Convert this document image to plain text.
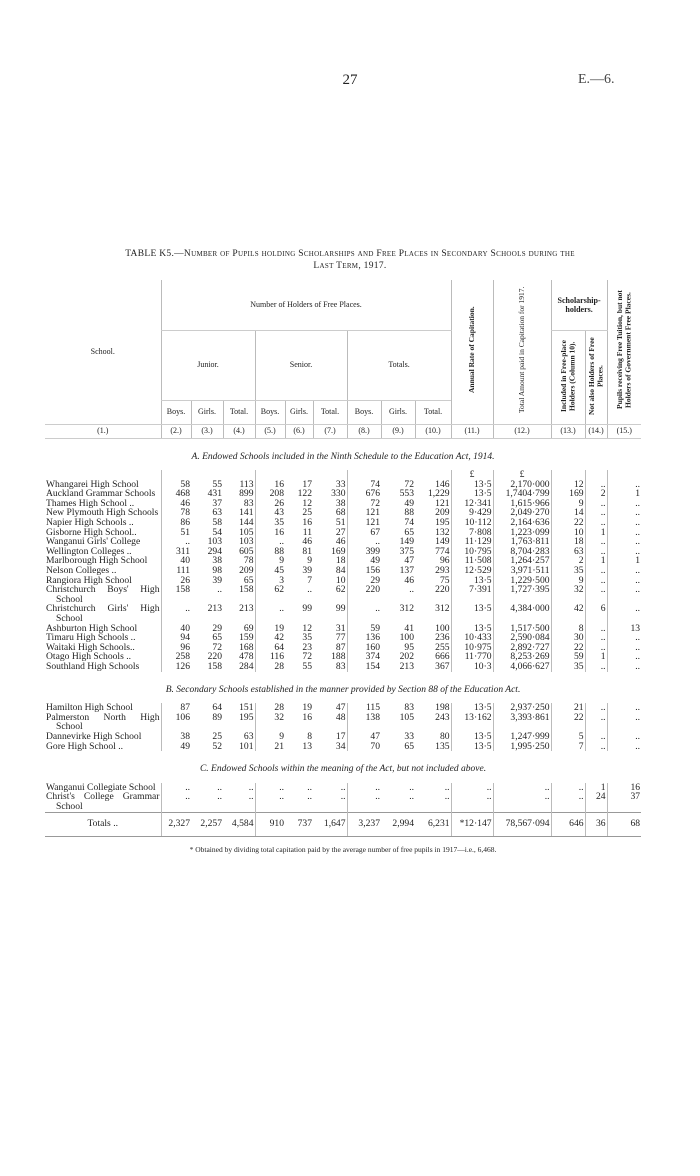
27	E.—6.
TABLE K5.—Number of Pupils holding Scholarships and Free Places in Secondary Schools during the
Last Term, 1917.
School.	Number of Holders of Free Places.									Annual Rate of Capitation.	Total Amount paid in Capitation for 1917.	Scholarship-holders.		Pupils receiving Free Tuition, but not Holders of Government Free Places.
	Junior.			Senior.			Totals.					Included in Free-place Holders (Column 10).	Not also Holders of Free Places.	
	Boys.	Girls.	Total.	Boys.	Girls.	Total.	Boys.	Girls.	Total.					
(1.)	(2.)	(3.)	(4.)	(5.)	(6.)	(7.)	(8.)	(9.)	(10.)	(11.)	(12.)	(13.)	(14.)	(15.)
A. Endowed Schools included in the Ninth Schedule to the Education Act, 1914.														
										£	£			
Whangarei High School	58	55	113	16	17	33	74	72	146	13·5	2,170·000	12	..	..
Auckland Grammar Schools	468	431	899	208	122	330	676	553	1,229	13·5	1,7404·799	169	2	1
Thames High School ..	46	37	83	26	12	38	72	49	121	12·341	1,615·966	9	..	..
New Plymouth High Schools	78	63	141	43	25	68	121	88	209	9·429	2,049·270	14	..	..
Napier High Schools ..	86	58	144	35	16	51	121	74	195	10·112	2,164·636	22	..	..
Gisborne High School..	51	54	105	16	11	27	67	65	132	7·808	1,223·099	10	1	..
Wanganui Girls' College	..	103	103	..	46	46	..	149	149	11·129	1,763·811	18	..	..
Wellington Colleges ..	311	294	605	88	81	169	399	375	774	10·795	8,704·283	63	..	..
Marlborough High School	40	38	78	9	9	18	49	47	96	11·508	1,264·257	2	1	1
Nelson Colleges ..	111	98	209	45	39	84	156	137	293	12·529	3,971·511	35	..	..
Rangiora High School	26	39	65	3	7	10	29	46	75	13·5	1,229·500	9	..	..
Christchurch Boys' High School	158	..	158	62	..	62	220	..	220	7·391	1,727·395	32	..	..
Christchurch Girls' High School	..	213	213	..	99	99	..	312	312	13·5	4,384·000	42	6	..
Ashburton High School	40	29	69	19	12	31	59	41	100	13·5	1,517·500	8	..	13
Timaru High Schools ..	94	65	159	42	35	77	136	100	236	10·433	2,590·084	30	..	..
Waitaki High Schools..	96	72	168	64	23	87	160	95	255	10·975	2,892·727	22	..	..
Otago High Schools ..	258	220	478	116	72	188	374	202	666	11·770	8,253·269	59	1	..
Southland High Schools	126	158	284	28	55	83	154	213	367	10·3	4,066·627	35	..	..
B. Secondary Schools established in the manner provided by Section 88 of the Education Act.														
Hamilton High School	87	64	151	28	19	47	115	83	198	13·5	2,937·250	21	..	..
Palmerston North High School	106	89	195	32	16	48	138	105	243	13·162	3,393·861	22	..	..
Dannevirke High School	38	25	63	9	8	17	47	33	80	13·5	1,247·999	5	..	..
Gore High School ..	49	52	101	21	13	34	70	65	135	13·5	1,995·250	7	..	..
C. Endowed Schools within the meaning of the Act, but not included above.														
Wanganui Collegiate School	..	..	..	..	..	..	..	..	..	..	..	..	1	16
Christ's College Grammar School	..	..	..	..	..	..	..	..	..	..	..	..	24	37
Totals ..	2,327	2,257	4,584	910	737	1,647	3,237	2,994	6,231	*12·147	78,567·094	646	36	68
* Obtained by dividing total capitation paid by the average number of free pupils in 1917—i.e., 6,468.
